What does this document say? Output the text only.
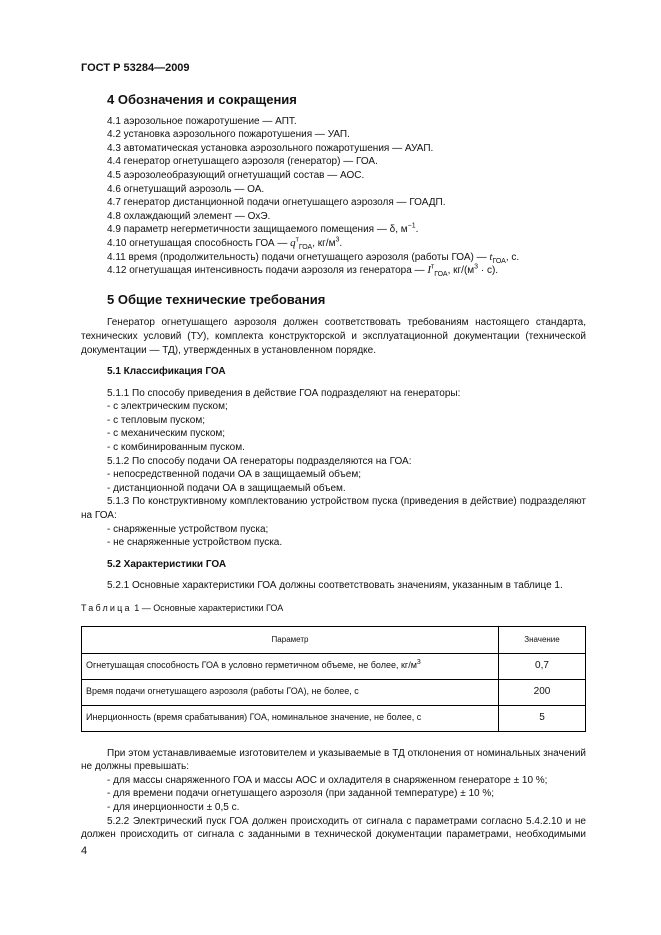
ГОСТ Р 53284—2009
4 Обозначения и сокращения
4.1 аэрозольное пожаротушение — АПТ.
4.2 установка аэрозольного пожаротушения — УАП.
4.3 автоматическая установка аэрозольного пожаротушения — АУАП.
4.4 генератор огнетушащего аэрозоля (генератор) — ГОА.
4.5 аэрозолеобразующий огнетушащий состав — АОС.
4.6 огнетушащий аэрозоль — ОА.
4.7 генератор дистанционной подачи огнетушащего аэрозоля — ГОАДП.
4.8 охлаждающий элемент — ОхЭ.
4.9 параметр негерметичности защищаемого помещения — δ, $м^{-1}$.
4.10 огнетушащая способность ГОА — $q^т_{ГОА}$, $кг/м^3$.
4.11 время (продолжительность) подачи огнетушащего аэрозоля (работы ГОА) — $t_{ГОА}$, с.
4.12 огнетушащая интенсивность подачи аэрозоля из генератора — $I^т_{ГОА}$, $кг/(м^3 \cdot с)$.
5 Общие технические требования

Генератор огнетушащего аэрозоля должен соответствовать требованиям настоящего стандарта, технических условий (ТУ), комплекта конструкторской и эксплуатационной документации (технической документации — ТД), утвержденных в установленном порядке.

5.1 Классификация ГОА
5.1.1 По способу приведения в действие ГОА подразделяют на генераторы:
- с электрическим пуском;
- с тепловым пуском;
- с механическим пуском;
- с комбинированным пуском.
5.1.2 По способу подачи ОА генераторы подразделяются на ГОА:
- непосредственной подачи ОА в защищаемый объем;
- дистанционной подачи ОА в защищаемый объем.

5.1.3 По конструктивному комплектованию устройством пуска (приведения в действие) подразделяют на ГОА:

- снаряженные устройством пуска;
- не снаряженные устройством пуска.
5.2 Характеристики ГОА
5.2.1 Основные характеристики ГОА должны соответствовать значениям, указанным в таблице 1.
Таблица 1 — Основные характеристики ГОА
Параметр	Значение
Огнетушащая способность ГОА в условно герметичном объеме, не более, $кг/м^3$	0,7
Время подачи огнетушащего аэрозоля (работы ГОА), не более, с	200
Инерционность (время срабатывания) ГОА, номинальное значение, не более, с	5

При этом устанавливаемые изготовителем и указываемые в ТД отклонения от номинальных значений не должны превышать:

- для массы снаряженного ГОА и массы АОС и охладителя в снаряженном генераторе ± 10 %;
- для времени подачи огнетушащего аэрозоля (при заданной температуре) ± 10 %;
- для инерционности ± 0,5 с.

5.2.2 Электрический пуск ГОА должен происходить от сигнала с параметрами согласно 5.4.2.10 и не должен происходить от сигнала с заданными в технической документации параметрами, необходимыми

4
